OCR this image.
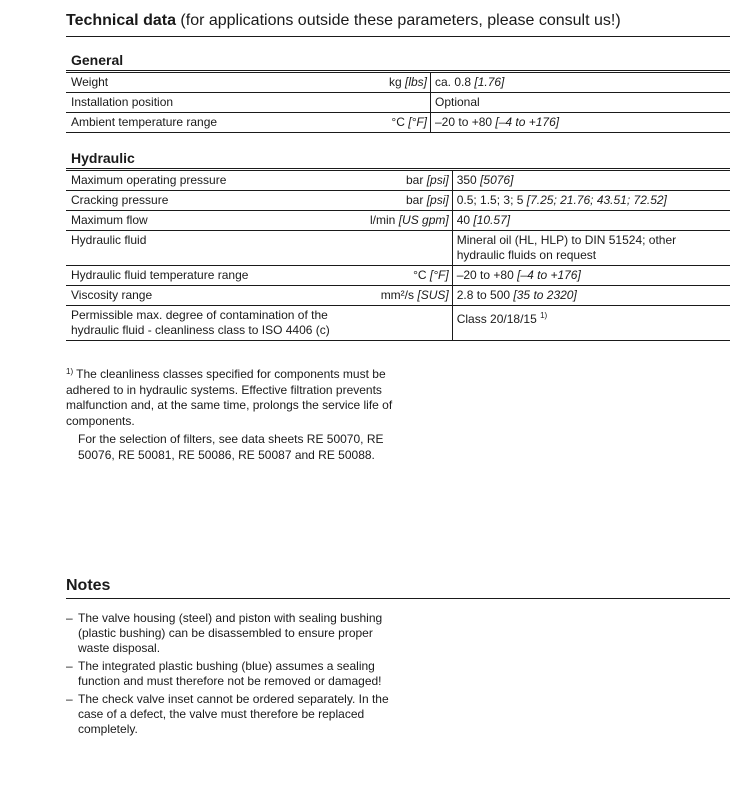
Technical data (for applications outside these parameters, please consult us!)
General
Weight	kg [lbs]	ca. 0.8 [1.76]
Installation position		Optional
Ambient temperature range	°C [°F]	–20 to +80 [–4 to +176]
Hydraulic
Maximum operating pressure	bar [psi]	350 [5076]
Cracking pressure	bar [psi]	0.5; 1.5; 3; 5 [7.25; 21.76; 43.51; 72.52]
Maximum flow	l/min [US gpm]	40 [10.57]
Hydraulic fluid		Mineral oil (HL, HLP) to DIN 51524; other hydraulic fluids on request
Hydraulic fluid temperature range	°C [°F]	–20 to +80 [–4 to +176]
Viscosity range	mm²/s [SUS]	2.8 to 500 [35 to 2320]
Permissible max. degree of contamination of the hydraulic fluid - cleanliness class to ISO 4406 (c)		Class 20/18/15 $^{1)}$

$^{1)}$ The cleanliness classes specified for components must be adhered to in hydraulic systems. Effective filtration prevents malfunction and, at the same time, prolongs the service life of components.

For the selection of filters, see data sheets RE 50070, RE 50076, RE 50081, RE 50086, RE 50087 and RE 50088.

Notes
– The valve housing (steel) and piston with sealing bushing (plastic bushing) can be disassembled to ensure proper waste disposal.
– The integrated plastic bushing (blue) assumes a sealing function and must therefore not be removed or damaged!
– The check valve inset cannot be ordered separately. In the case of a defect, the valve must therefore be replaced completely.
